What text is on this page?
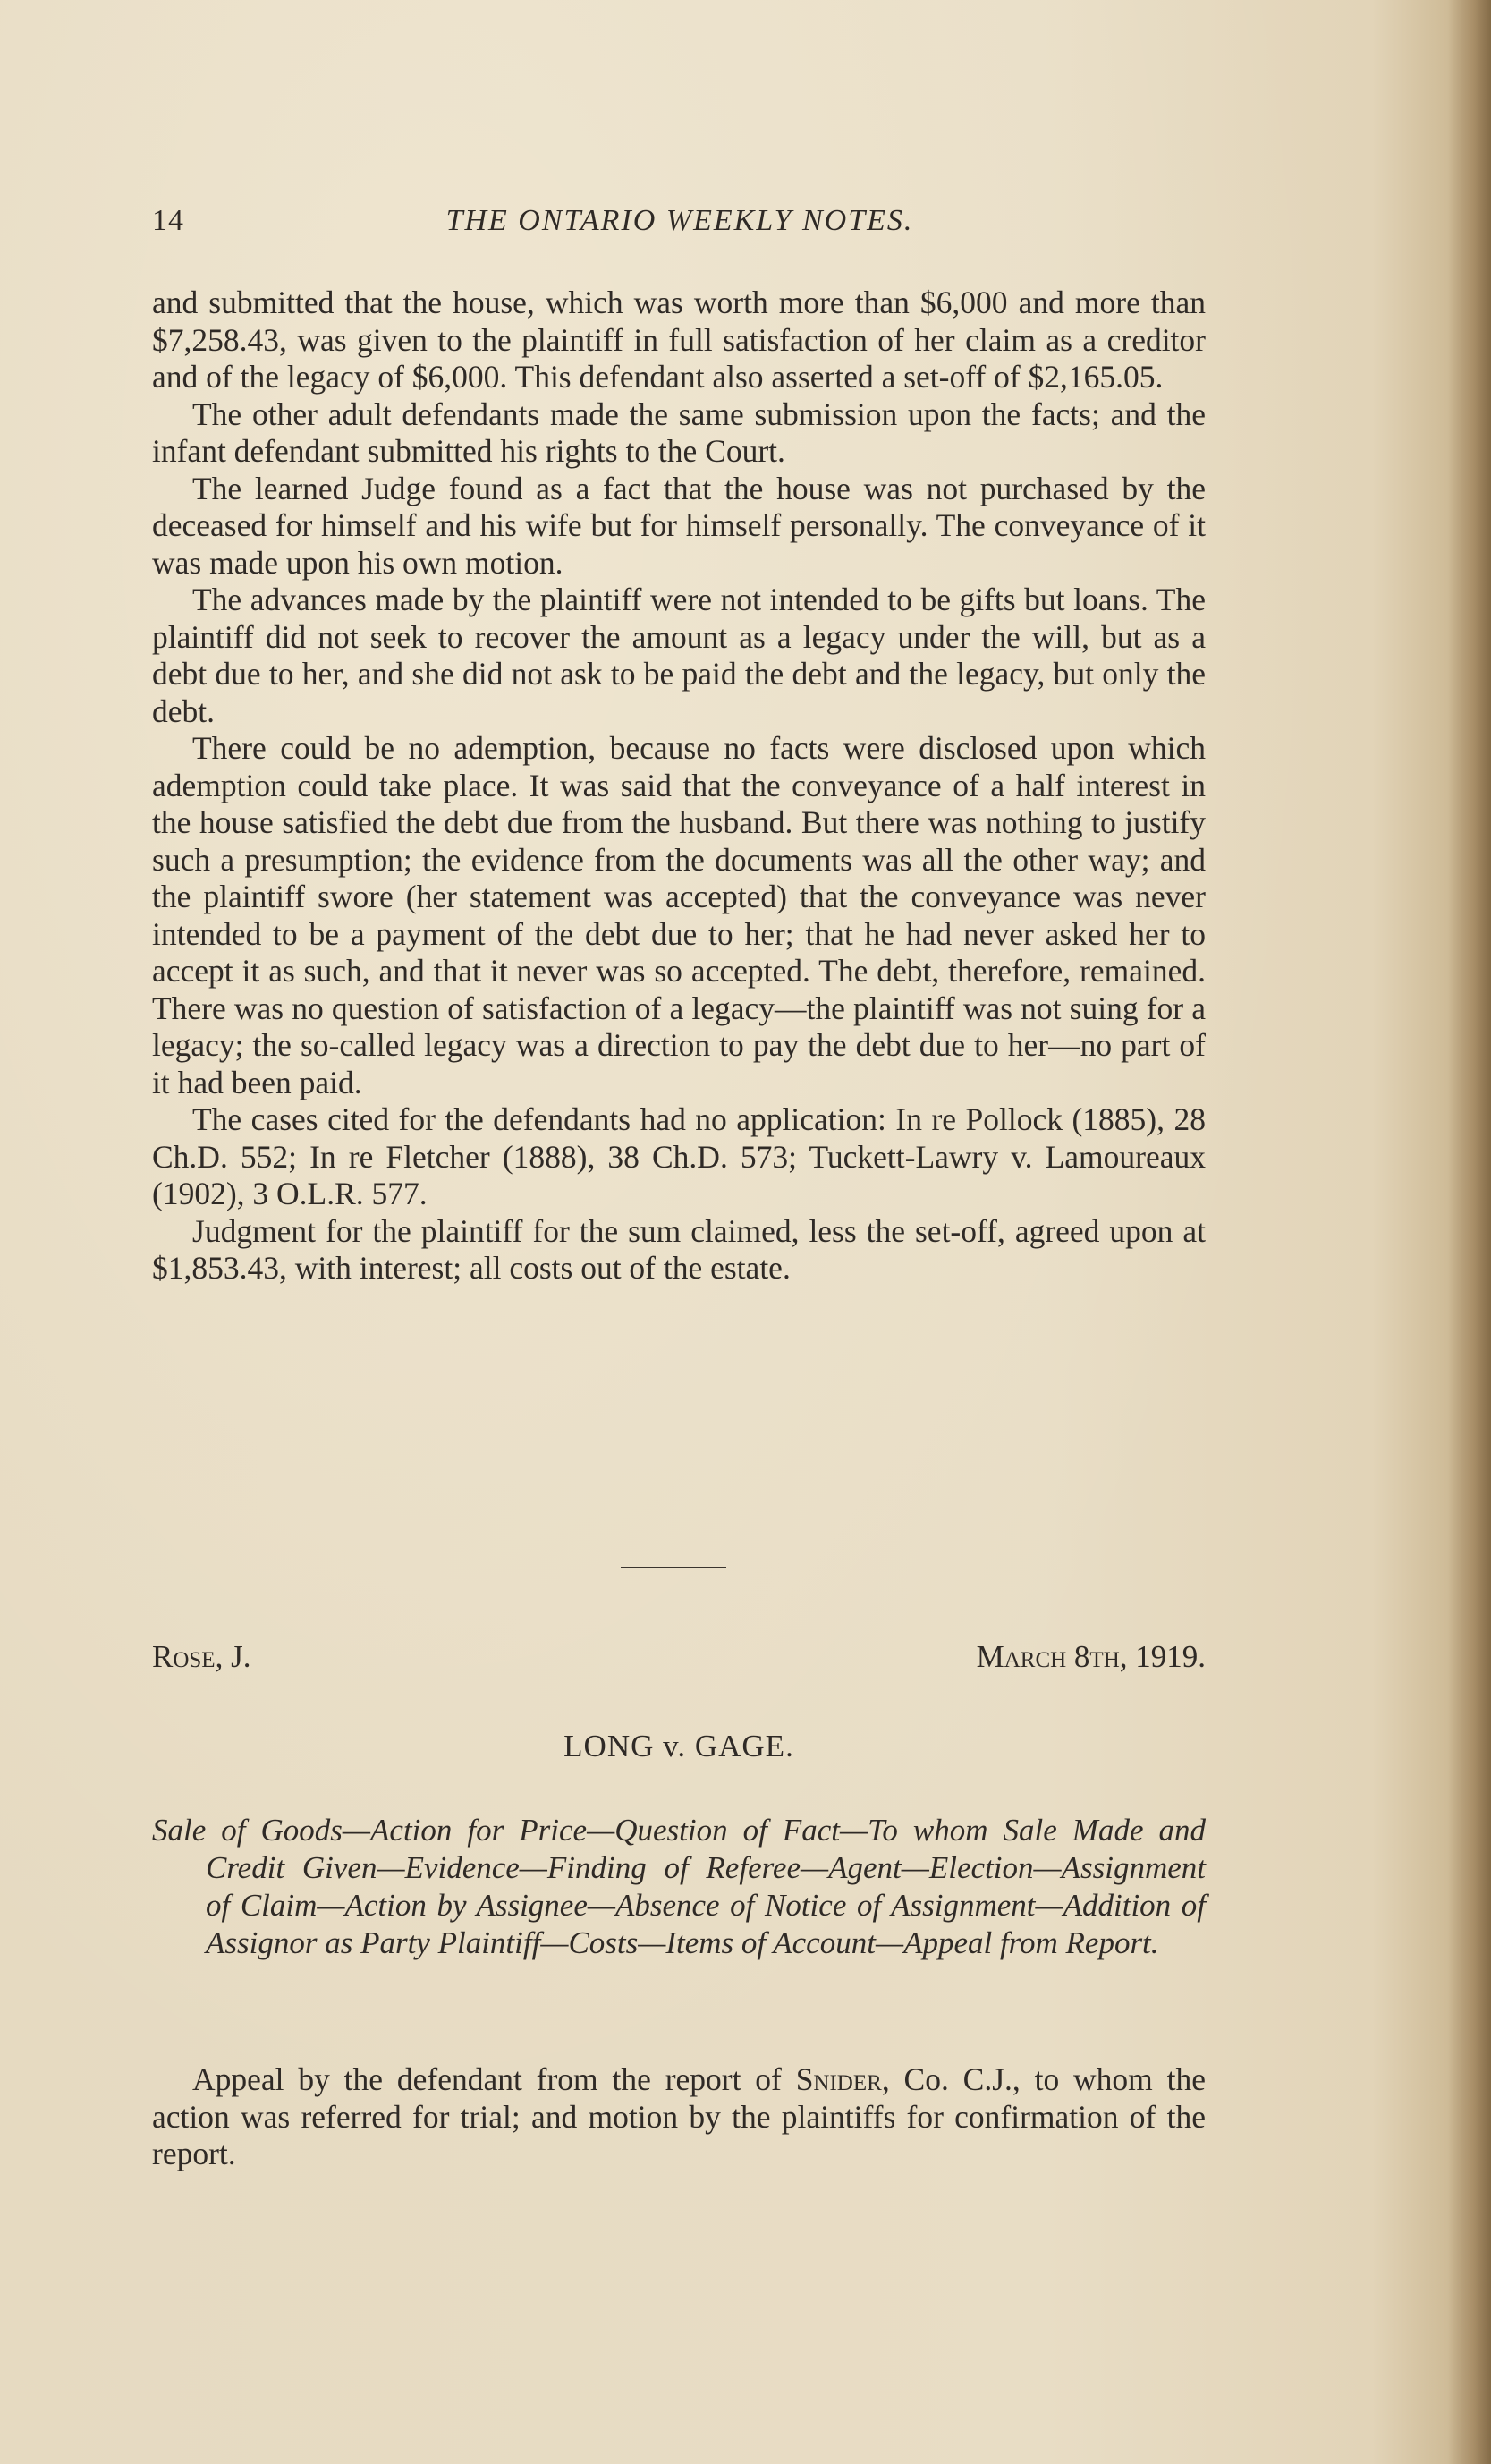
14	THE ONTARIO WEEKLY NOTES.

and submitted that the house, which was worth more than $6,000 and more than $7,258.43, was given to the plaintiff in full satisfaction of her claim as a creditor and of the legacy of $6,000. This defendant also asserted a set-off of $2,165.05.

The other adult defendants made the same submission upon the facts; and the infant defendant submitted his rights to the Court.

The learned Judge found as a fact that the house was not purchased by the deceased for himself and his wife but for himself personally. The conveyance of it was made upon his own motion.

The advances made by the plaintiff were not intended to be gifts but loans. The plaintiff did not seek to recover the amount as a legacy under the will, but as a debt due to her, and she did not ask to be paid the debt and the legacy, but only the debt.

There could be no ademption, because no facts were disclosed upon which ademption could take place. It was said that the conveyance of a half interest in the house satisfied the debt due from the husband. But there was nothing to justify such a presumption; the evidence from the documents was all the other way; and the plaintiff swore (her statement was accepted) that the conveyance was never intended to be a payment of the debt due to her; that he had never asked her to accept it as such, and that it never was so accepted. The debt, therefore, remained. There was no question of satisfaction of a legacy—the plaintiff was not suing for a legacy; the so-called legacy was a direction to pay the debt due to her—no part of it had been paid.

The cases cited for the defendants had no application: In re Pollock (1885), 28 Ch.D. 552; In re Fletcher (1888), 38 Ch.D. 573; Tuckett-Lawry v. Lamoureaux (1902), 3 O.L.R. 577.

Judgment for the plaintiff for the sum claimed, less the set-off, agreed upon at $1,853.43, with interest; all costs out of the estate.

Rose, J.	March 8th, 1919.
LONG v. GAGE.
Sale of Goods—Action for Price—Question of Fact—To whom Sale Made and Credit Given—Evidence—Finding of Referee—Agent—Election—Assignment of Claim—Action by Assignee—Absence of Notice of Assignment—Addition of Assignor as Party Plaintiff—Costs—Items of Account—Appeal from Report.
Appeal by the defendant from the report of Snider, Co. C.J., to whom the action was referred for trial; and motion by the plaintiffs for confirmation of the report.
